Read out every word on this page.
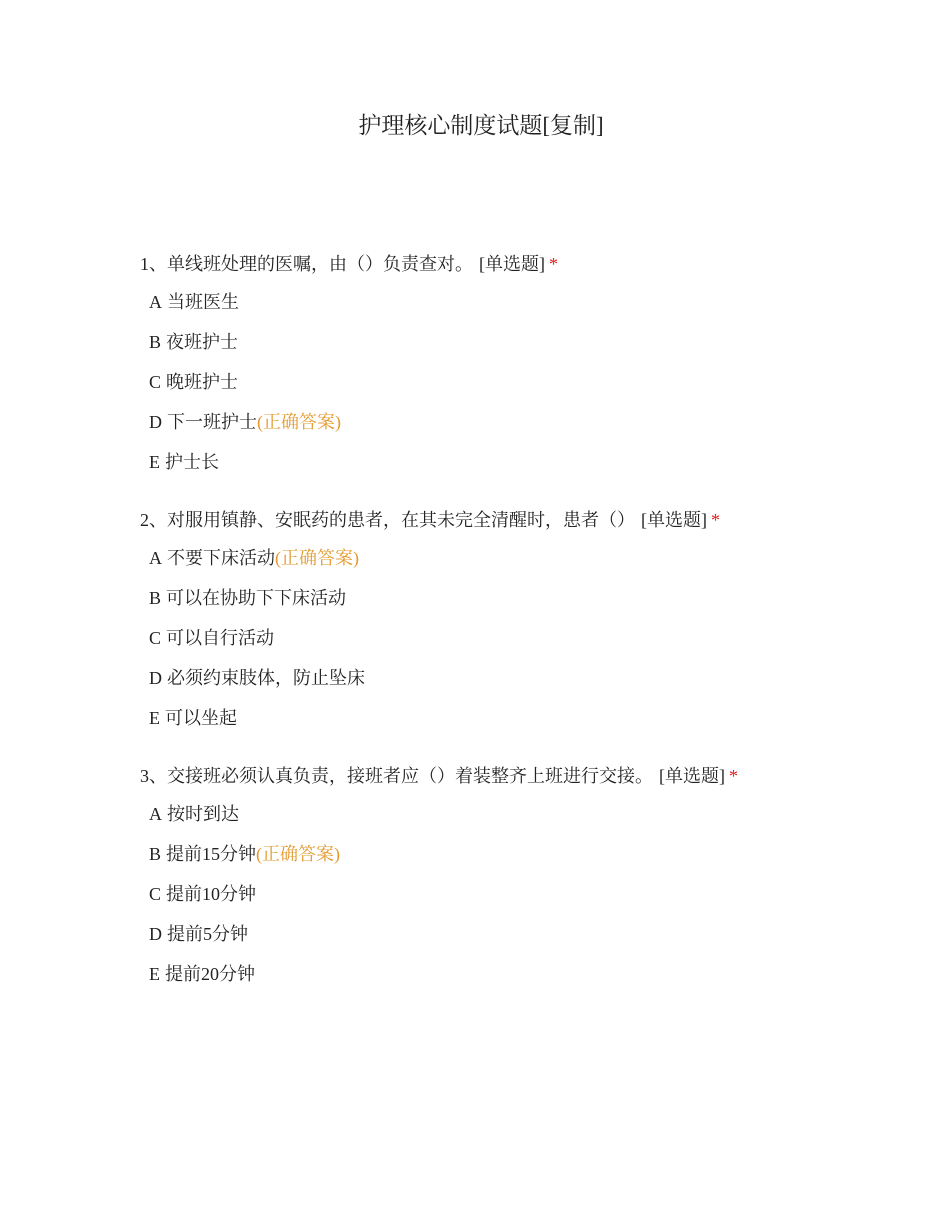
护理核心制度试题[复制]
1、单线班处理的医嘱，由（）负责查对。 [单选题] *
A 当班医生
B 夜班护士
C 晚班护士
D 下一班护士(正确答案)
E 护士长
2、对服用镇静、安眠药的患者，在其未完全清醒时，患者（） [单选题] *
A 不要下床活动(正确答案)
B 可以在协助下下床活动
C 可以自行活动
D 必须约束肢体，防止坠床
E 可以坐起
3、交接班必须认真负责，接班者应（）着装整齐上班进行交接。 [单选题] *
A 按时到达
B 提前15分钟(正确答案)
C 提前10分钟
D 提前5分钟
E 提前20分钟
